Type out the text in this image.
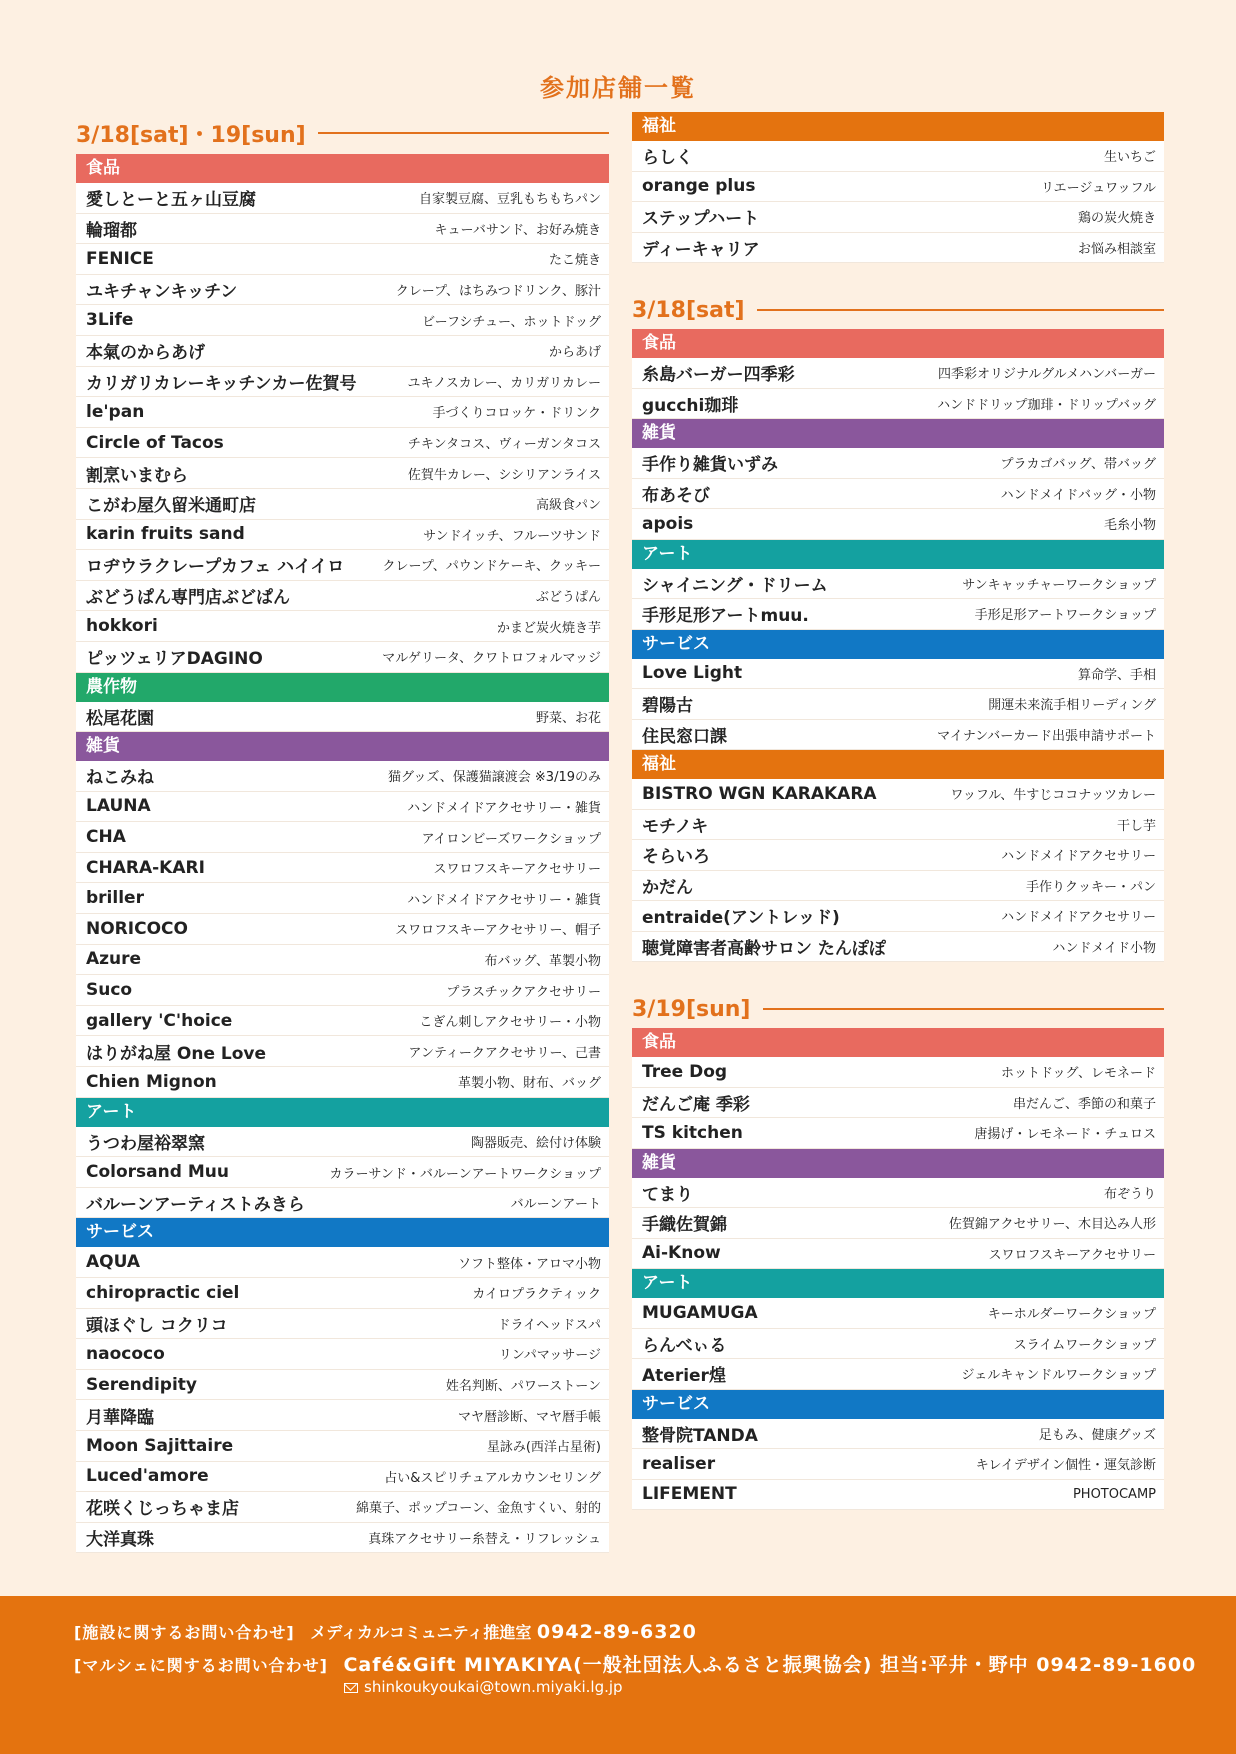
参加店舗一覧
3/18[sat]・19[sun]
食品
愛しとーと五ヶ山豆腐	自家製豆腐、豆乳もちもちパン
輪瑠都	キューバサンド、お好み焼き
FENICE	たこ焼き
ユキチャンキッチン	クレープ、はちみつドリンク、豚汁
3Life	ビーフシチュー、ホットドッグ
本氣のからあげ	からあげ
カリガリカレーキッチンカー佐賀号	ユキノスカレー、カリガリカレー
le'pan	手づくりコロッケ・ドリンク
Circle of Tacos	チキンタコス、ヴィーガンタコス
割烹いまむら	佐賀牛カレー、シシリアンライス
こがわ屋久留米通町店	高級食パン
karin fruits sand	サンドイッチ、フルーツサンド
ロヂウラクレープカフェ ハイイロ	クレープ、パウンドケーキ、クッキー
ぶどうぱん専門店ぶどぱん	ぶどうぱん
hokkori	かまど炭火焼き芋
ピッツェリアDAGINO	マルゲリータ、クワトロフォルマッジ
農作物
松尾花園	野菜、お花
雑貨
ねこみね	猫グッズ、保護猫譲渡会 ※3/19のみ
LAUNA	ハンドメイドアクセサリー・雑貨
CHA	アイロンビーズワークショップ
CHARA-KARI	スワロフスキーアクセサリー
briller	ハンドメイドアクセサリー・雑貨
NORICOCO	スワロフスキーアクセサリー、帽子
Azure	布バッグ、革製小物
Suco	プラスチックアクセサリー
gallery 'C'hoice	こぎん刺しアクセサリー・小物
はりがね屋 One Love	アンティークアクセサリー、己書
Chien Mignon	革製小物、財布、バッグ
アート
うつわ屋裕翠窯	陶器販売、絵付け体験
Colorsand Muu	カラーサンド・バルーンアートワークショップ
バルーンアーティストみきら	バルーンアート
サービス
AQUA	ソフト整体・アロマ小物
chiropractic ciel	カイロプラクティック
頭ほぐし コクリコ	ドライヘッドスパ
naococo	リンパマッサージ
Serendipity	姓名判断、パワーストーン
月華降臨	マヤ暦診断、マヤ暦手帳
Moon Sajittaire	星詠み(西洋占星術)
Luced'amore	占い&スピリチュアルカウンセリング
花咲くじっちゃま店	綿菓子、ポップコーン、金魚すくい、射的
大洋真珠	真珠アクセサリー糸替え・リフレッシュ
福祉
らしく	生いちご
orange plus	リエージュワッフル
ステップハート	鶏の炭火焼き
ディーキャリア	お悩み相談室
3/18[sat]
食品
糸島バーガー四季彩	四季彩オリジナルグルメハンバーガー
gucchi珈琲	ハンドドリップ珈琲・ドリップバッグ
雑貨
手作り雑貨いずみ	プラカゴバッグ、帯バッグ
布あそび	ハンドメイドバッグ・小物
apois	毛糸小物
アート
シャイニング・ドリーム	サンキャッチャーワークショップ
手形足形アートmuu.	手形足形アートワークショップ
サービス
Love Light	算命学、手相
碧陽古	開運未来流手相リーディング
住民窓口課	マイナンバーカード出張申請サポート
福祉
BISTRO WGN KARAKARA	ワッフル、牛すじココナッツカレー
モチノキ	干し芋
そらいろ	ハンドメイドアクセサリー
かだん	手作りクッキー・パン
entraide(アントレッド)	ハンドメイドアクセサリー
聴覚障害者高齢サロン たんぽぽ	ハンドメイド小物
3/19[sun]
食品
Tree Dog	ホットドッグ、レモネード
だんご庵 季彩	串だんご、季節の和菓子
TS kitchen	唐揚げ・レモネード・チュロス
雑貨
てまり	布ぞうり
手織佐賀錦	佐賀錦アクセサリー、木目込み人形
Ai-Know	スワロフスキーアクセサリー
アート
MUGAMUGA	キーホルダーワークショップ
らんべぃる	スライムワークショップ
Aterier煌	ジェルキャンドルワークショップ
サービス
整骨院TANDA	足もみ、健康グッズ
realiser	キレイデザイン個性・運気診断
LIFEMENT	PHOTOCAMP
[施設に関するお問い合わせ] メディカルコミュニティ推進室 0942-89-6320
[マルシェに関するお問い合わせ] Café&Gift MIYAKIYA(一般社団法人ふるさと振興協会) 担当:平井・野中 0942-89-1600
shinkoukyoukai@town.miyaki.lg.jp
